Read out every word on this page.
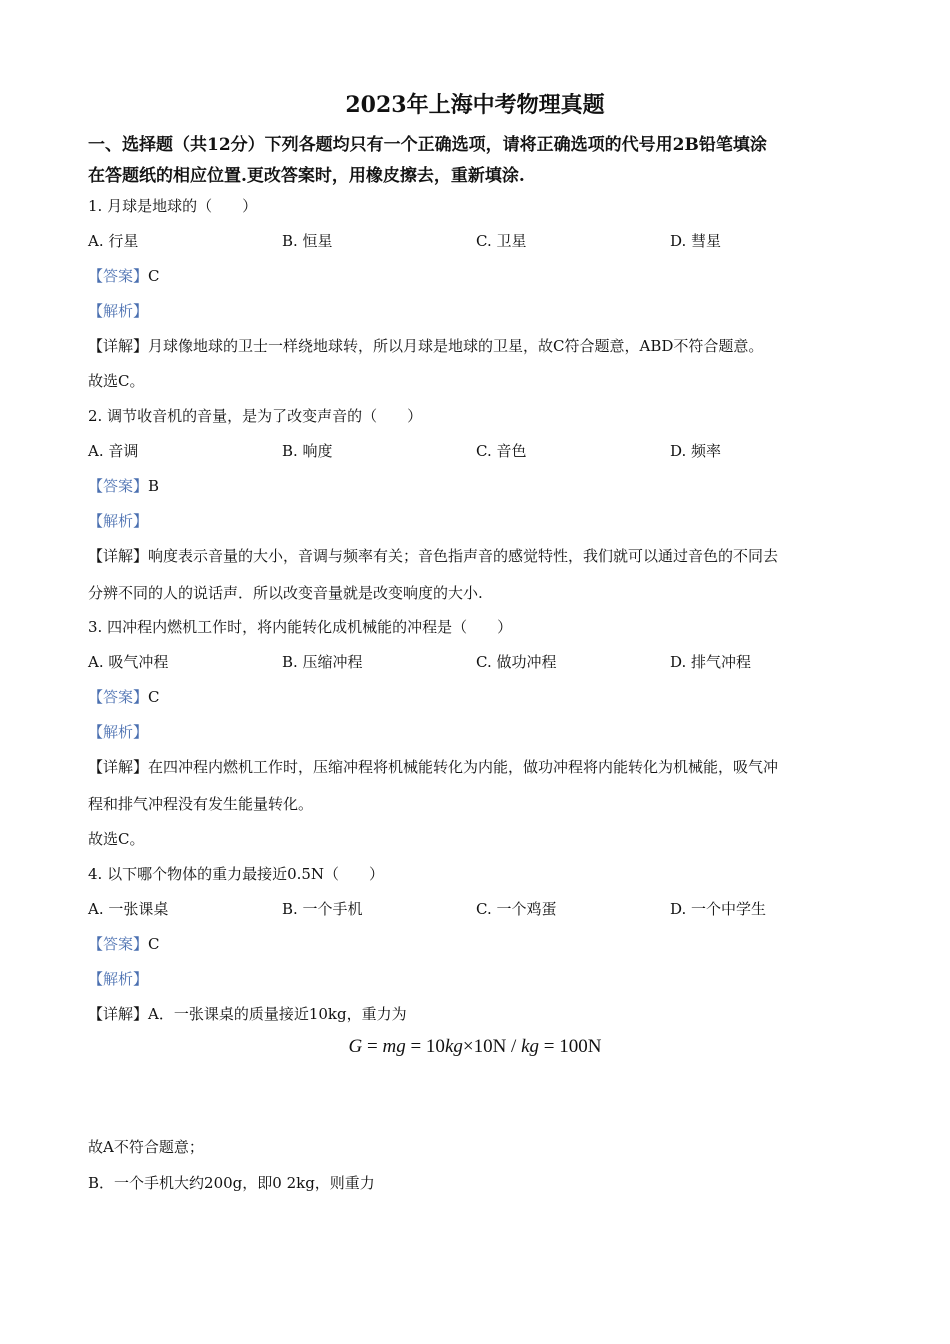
2023年上海中考物理真题
一、选择题（共12分）下列各题均只有一个正确选项，请将正确选项的代号用2B铅笔填涂
在答题纸的相应位置.更改答案时，用橡皮擦去，重新填涂.
1. 月球是地球的（　　）
A. 行星	B. 恒星	C. 卫星	D. 彗星
【答案】C
【解析】
【详解】月球像地球的卫士一样绕地球转，所以月球是地球的卫星，故C符合题意，ABD不符合题意。
故选C。
2. 调节收音机的音量，是为了改变声音的（　　）
A. 音调	B. 响度	C. 音色	D. 频率
【答案】B
【解析】
【详解】响度表示音量的大小，音调与频率有关；音色指声音的感觉特性，我们就可以通过音色的不同去
分辨不同的人的说话声．所以改变音量就是改变响度的大小.
3. 四冲程内燃机工作时，将内能转化成机械能的冲程是（　　）
A. 吸气冲程	B. 压缩冲程	C. 做功冲程	D. 排气冲程
【答案】C
【解析】
【详解】在四冲程内燃机工作时，压缩冲程将机械能转化为内能，做功冲程将内能转化为机械能，吸气冲
程和排气冲程没有发生能量转化。
故选C。
4. 以下哪个物体的重力最接近0.5N（　　）
A. 一张课桌	B. 一个手机	C. 一个鸡蛋	D. 一个中学生
【答案】C
【解析】
【详解】A．一张课桌的质量接近10kg，重力为
G = mg = 10kg×10N / kg = 100N
故A不符合题意；
B．一个手机大约200g，即0 2kg，则重力
